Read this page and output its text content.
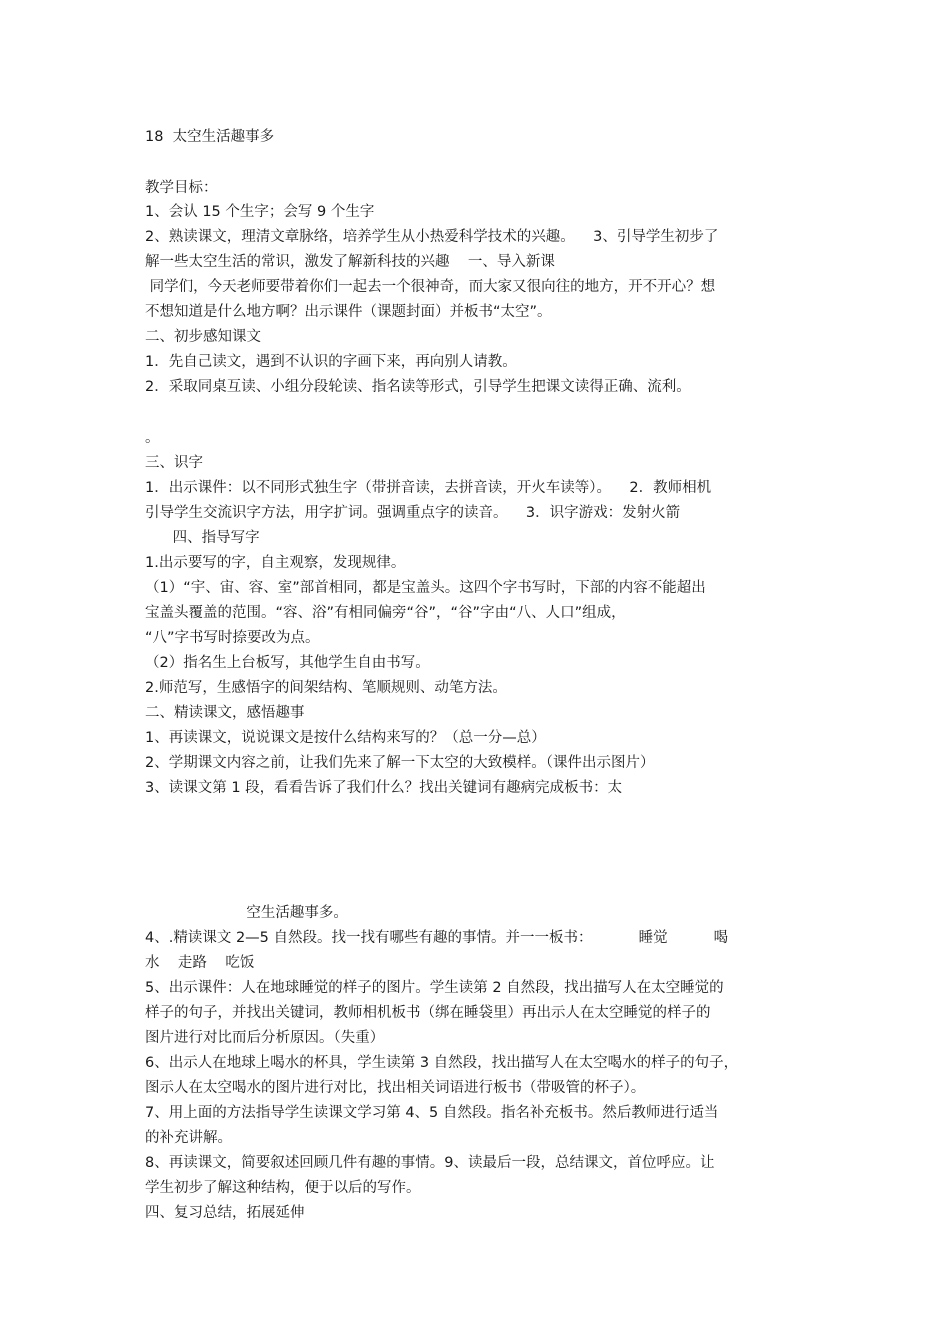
18  太空生活趣事多
教学目标：
1、会认 15 个生字；会写 9 个生字
2、熟读课文，理清文章脉络，培养学生从小热爱科学技术的兴趣。    3、引导学生初步了
解一些太空生活的常识，激发了解新科技的兴趣    一、导入新课
同学们，今天老师要带着你们一起去一个很神奇，而大家又很向往的地方，开不开心？想
不想知道是什么地方啊？出示课件（课题封面）并板书“太空”。
二、初步感知课文
1．先自己读文，遇到不认识的字画下来，再向别人请教。
2．采取同桌互读、小组分段轮读、指名读等形式，引导学生把课文读得正确、流利。
。
三、识字
1．出示课件：以不同形式独生字（带拼音读，去拼音读，开火车读等）。    2．教师相机
引导学生交流识字方法，用字扩词。强调重点字的读音。    3．识字游戏：发射火箭
四、指导写字
1.出示要写的字，自主观察，发现规律。
（1）“宇、宙、容、室”部首相同，都是宝盖头。这四个字书写时，下部的内容不能超出
宝盖头覆盖的范围。“容、浴”有相同偏旁“谷”，“谷”字由“八、人口”组成，
“八”字书写时捺要改为点。
（2）指名生上台板写，其他学生自由书写。
2.师范写，生感悟字的间架结构、笔顺规则、动笔方法。
二、精读课文，感悟趣事
1、再读课文，说说课文是按什么结构来写的？（总一分—总）
2、学期课文内容之前，让我们先来了解一下太空的大致模样。（课件出示图片）
3、读课文第 1 段，看看告诉了我们什么？找出关键词有趣病完成板书：太
空生活趣事多。
4、.精读课文 2—5 自然段。找一找有哪些有趣的事情。并一一板书：          睡觉          喝
水    走路    吃饭
5、出示课件：人在地球睡觉的样子的图片。学生读第 2 自然段，找出描写人在太空睡觉的
样子的句子，并找出关键词，教师相机板书（绑在睡袋里）再出示人在太空睡觉的样子的
图片进行对比而后分析原因。（失重）
6、出示人在地球上喝水的杯具，学生读第 3 自然段，找出描写人在太空喝水的样子的句子，
图示人在太空喝水的图片进行对比，找出相关词语进行板书（带吸管的杯子）。
7、用上面的方法指导学生读课文学习第 4、5 自然段。指名补充板书。然后教师进行适当
的补充讲解。
8、再读课文，简要叙述回顾几件有趣的事情。9、读最后一段，总结课文，首位呼应。让
学生初步了解这种结构，便于以后的写作。
四、复习总结，拓展延伸
